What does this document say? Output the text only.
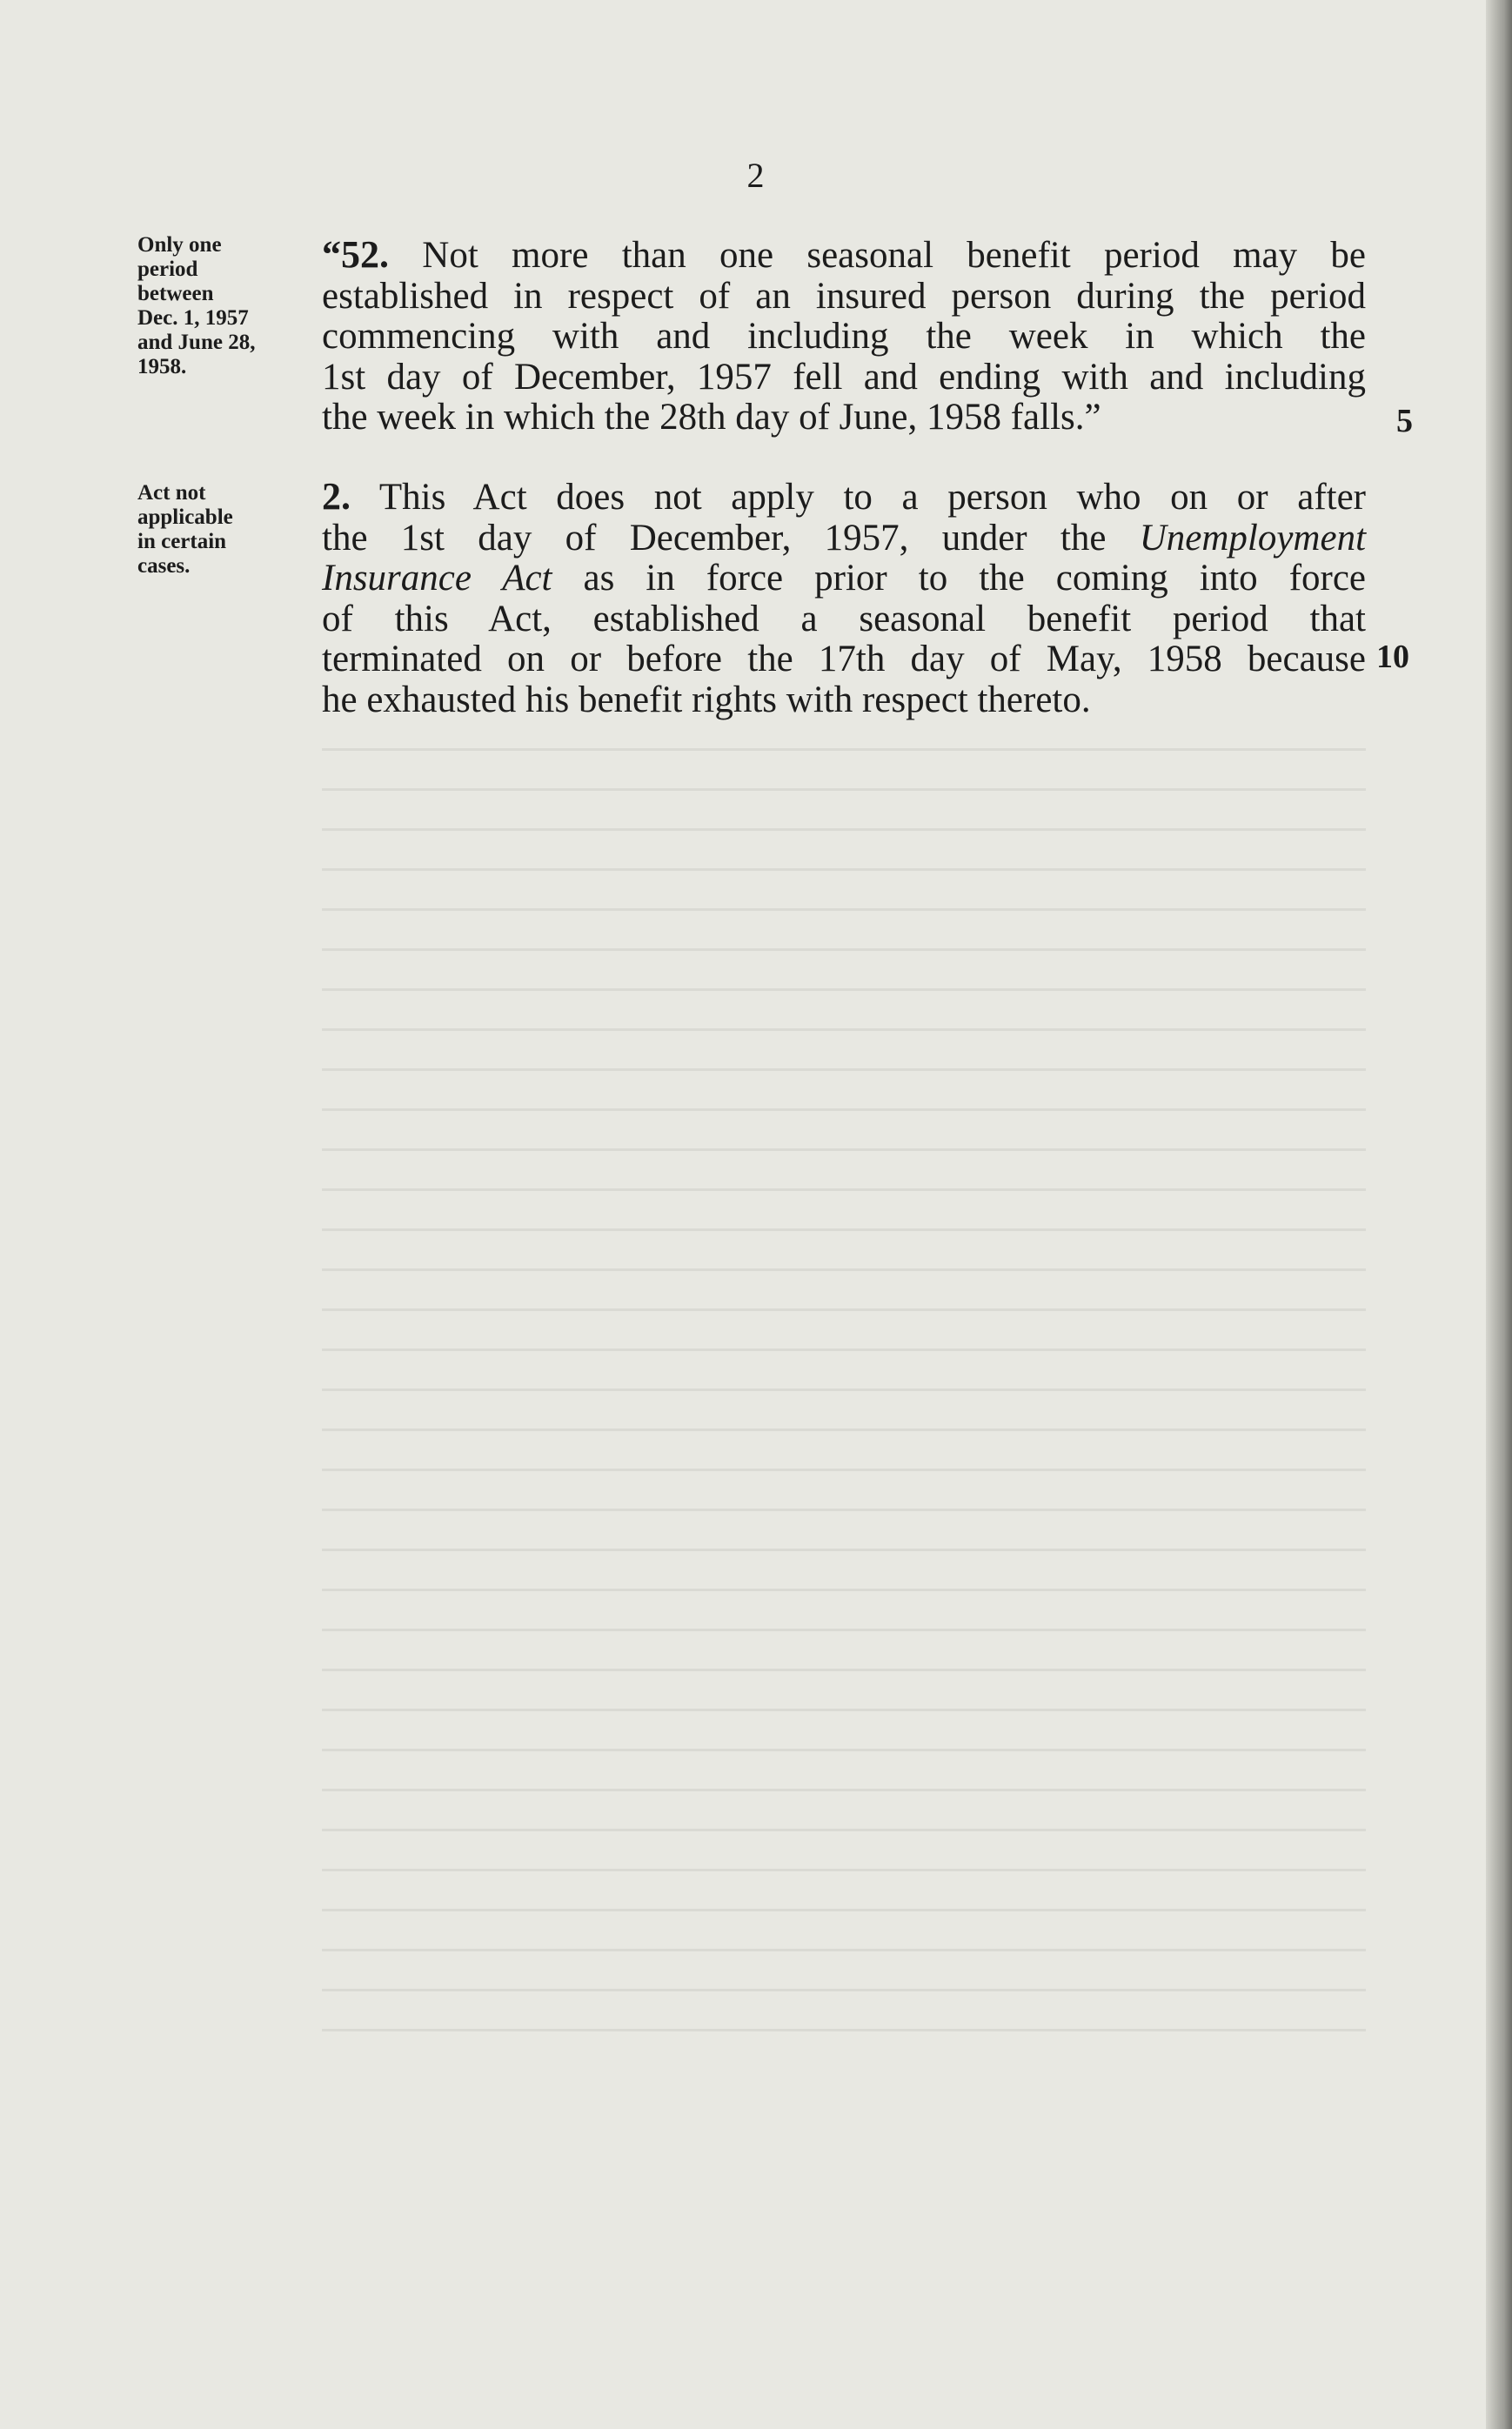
2
Only one
period
between
Dec. 1, 1957
and June 28,
1958.
Act not
applicable
in certain
cases.
“52. Not more than one seasonal benefit period may be
established in respect of an insured person during the period
commencing with and including the week in which the
1st day of December, 1957 fell and ending with and including
the week in which the 28th day of June, 1958 falls.”
2. This Act does not apply to a person who on or after
the 1st day of December, 1957, under the Unemployment
Insurance Act as in force prior to the coming into force
of this Act, established a seasonal benefit period that
terminated on or before the 17th day of May, 1958 because
he exhausted his benefit rights with respect thereto.
5
10
